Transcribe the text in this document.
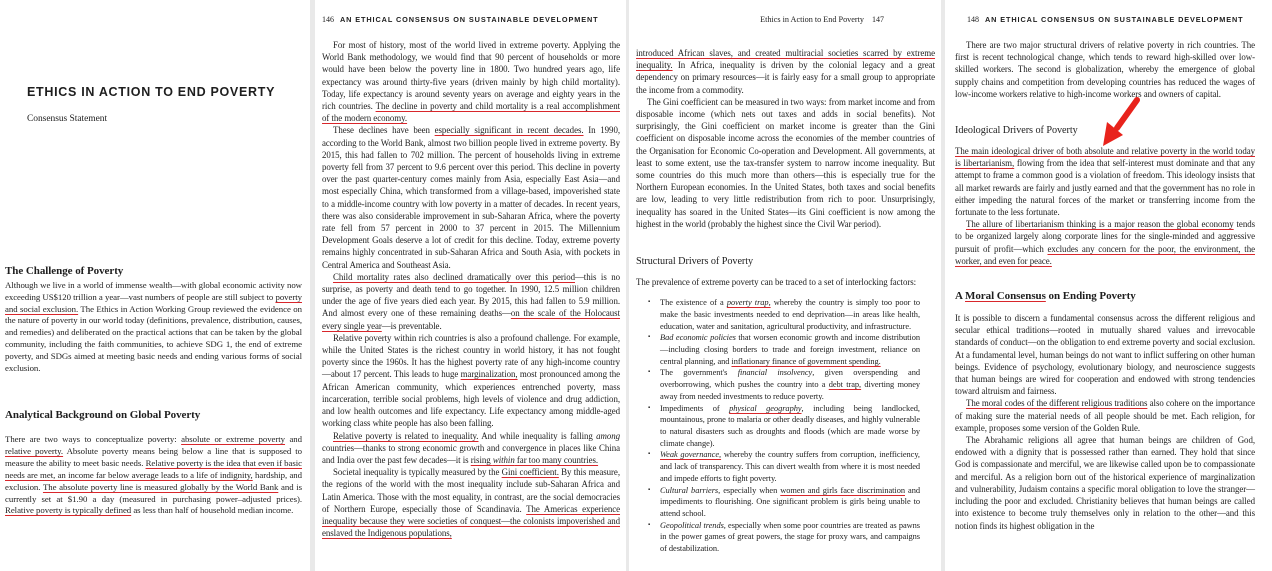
ETHICS IN ACTION TO END POVERTY
Consensus Statement
The Challenge of Poverty
Although we live in a world of immense wealth—with global economic activity now exceeding US$120 trillion a year—vast numbers of people are still subject to poverty and social exclusion. The Ethics in Action Working Group reviewed the evidence on the nature of poverty in our world today (definitions, prevalence, distribution, causes, and remedies) and deliberated on the practical actions that can be taken by the global community, including the faith communities, to achieve SDG 1, the end of extreme poverty, and SDGs aimed at meeting basic needs and ending various forms of social exclusion.
Analytical Background on Global Poverty
There are two ways to conceptualize poverty: absolute or extreme poverty and relative poverty. Absolute poverty means being below a line that is supposed to measure the ability to meet basic needs. Relative poverty is the idea that even if basic needs are met, an income far below average leads to a life of indignity, hardship, and exclusion. The absolute poverty line is measured globally by the World Bank and is currently set at $1.90 a day (measured in purchasing power–adjusted prices). Relative poverty is typically defined as less than half of household median income.
146 AN ETHICAL CONSENSUS ON SUSTAINABLE DEVELOPMENT
For most of history, most of the world lived in extreme poverty. Applying the World Bank methodology, we would find that 90 percent of households or more would have been below the poverty line in 1800. Two hundred years ago, life expectancy was around thirty-five years (driven mainly by high child mortality). Today, life expectancy is around seventy years on average and eighty years in the rich countries. The decline in poverty and child mortality is a real accomplishment of the modern economy.
These declines have been especially significant in recent decades. In 1990, according to the World Bank, almost two billion people lived in extreme poverty. By 2015, this had fallen to 702 million. The percent of households living in extreme poverty fell from 37 percent to 9.6 percent over this period. This decline in poverty over the past quarter-century comes mainly from Asia, especially East Asia—and most especially China, which transformed from a village-based, impoverished state to a middle-income country with low poverty in a matter of decades. In recent years, there was also considerable improvement in sub-Saharan Africa, where the poverty rate fell from 57 percent in 2000 to 37 percent in 2015. The Millennium Development Goals deserve a lot of credit for this decline. Today, extreme poverty remains highly concentrated in sub-Saharan Africa and South Asia, with pockets in Central America and Southeast Asia.
Child mortality rates also declined dramatically over this period—this is no surprise, as poverty and death tend to go together. In 1990, 12.5 million children under the age of five years died each year. By 2015, this had fallen to 5.9 million. And almost every one of these remaining deaths—on the scale of the Holocaust every single year—is preventable.
Relative poverty within rich countries is also a profound challenge. For example, while the United States is the richest country in world history, it has not fought poverty since the 1960s. It has the highest poverty rate of any high-income country—about 17 percent. This leads to huge marginalization, most pronounced among the African American community, which experiences entrenched poverty, mass incarceration, terrible social problems, high levels of violence and drug addiction, and low health outcomes and life expectancy. Life expectancy among middle-aged working class white people has also been falling.
Relative poverty is related to inequality. And while inequality is falling among countries—thanks to strong economic growth and convergence in places like China and India over the past few decades—it is rising within far too many countries.
Societal inequality is typically measured by the Gini coefficient. By this measure, the regions of the world with the most inequality include sub-Saharan Africa and Latin America. Those with the most equality, in contrast, are the social democracies of Northern Europe, especially those of Scandinavia. The Americas experience inequality because they were societies of conquest—the colonists impoverished and enslaved the Indigenous populations,
Ethics in Action to End Poverty 147
introduced African slaves, and created multiracial societies scarred by extreme inequality. In Africa, inequality is driven by the colonial legacy and a great dependency on primary resources—it is fairly easy for a small group to appropriate the income from a commodity.
The Gini coefficient can be measured in two ways: from market income and from disposable income (which nets out taxes and adds in social benefits). Not surprisingly, the Gini coefficient on market income is greater than the Gini coefficient on disposable income across the economies of the member countries of the Organisation for Economic Co-operation and Development. All governments, at least to some extent, use the tax-transfer system to narrow income inequality. But some countries do this much more than others—this is especially true for the Northern European economies. In the United States, both taxes and social benefits are low, leading to very little redistribution from rich to poor. Unsurprisingly, inequality has soared in the United States—its Gini coefficient is now among the highest in the world (probably the highest since the Civil War period).
Structural Drivers of Poverty
The prevalence of extreme poverty can be traced to a set of interlocking factors:
▪ The existence of a poverty trap, whereby the country is simply too poor to make the basic investments needed to end deprivation—in areas like health, education, water and sanitation, agricultural productivity, and infrastructure.
▪ Bad economic policies that worsen economic growth and income distribution—including closing borders to trade and foreign investment, reliance on central planning, and inflationary finance of government spending.
▪ The government's financial insolvency, given overspending and overborrowing, which pushes the country into a debt trap, diverting money away from needed investments to reduce poverty.
▪ Impediments of physical geography, including being landlocked, mountainous, prone to malaria or other deadly diseases, and highly vulnerable to natural disasters such as droughts and floods (which are made worse by climate change).
▪ Weak governance, whereby the country suffers from corruption, inefficiency, and lack of transparency. This can divert wealth from where it is most needed and impede efforts to fight poverty.
▪ Cultural barriers, especially when women and girls face discrimination and impediments to flourishing. One significant problem is girls being unable to attend school.
▪ Geopolitical trends, especially when some poor countries are treated as pawns in the power games of great powers, the stage for proxy wars, and campaigns of destabilization.
148 AN ETHICAL CONSENSUS ON SUSTAINABLE DEVELOPMENT
There are two major structural drivers of relative poverty in rich countries. The first is recent technological change, which tends to reward high-skilled over low-skilled workers. The second is globalization, whereby the emergence of global supply chains and competition from developing countries has reduced the wages of low-income workers relative to high-income workers and owners of capital.
Ideological Drivers of Poverty
The main ideological driver of both absolute and relative poverty in the world today is libertarianism, flowing from the idea that self-interest must dominate and that any attempt to frame a common good is a violation of freedom. This ideology insists that all market rewards are fairly and justly earned and that the government has no role in either impeding the natural forces of the market or transferring income from the fortunate to the less fortunate.
The allure of libertarianism thinking is a major reason the global economy tends to be organized largely along corporate lines for the single-minded and aggressive pursuit of profit—which excludes any concern for the poor, the environment, the worker, and even for peace.
A Moral Consensus on Ending Poverty
It is possible to discern a fundamental consensus across the different religious and secular ethical traditions—rooted in mutually shared values and irrevocable standards of conduct—on the obligation to end extreme poverty and social exclusion. At a fundamental level, human beings do not want to inflict suffering on other human beings. Evidence of psychology, evolutionary biology, and neuroscience suggests that human beings are wired for cooperation and endowed with strong tendencies toward altruism and fairness.
The moral codes of the different religious traditions also cohere on the importance of making sure the material needs of all people should be met. Each religion, for example, proposes some version of the Golden Rule.
The Abrahamic religions all agree that human beings are children of God, endowed with a dignity that is possessed rather than earned. They hold that since God is compassionate and merciful, we are likewise called upon be to compassionate and merciful. As a religion born out of the historical experience of marginalization and vulnerability, Judaism contains a specific moral obligation to love the stranger—including the poor and excluded. Christianity believes that human beings are called into existence to become truly themselves only in relation to the other—and this notion finds its highest obligation in the
